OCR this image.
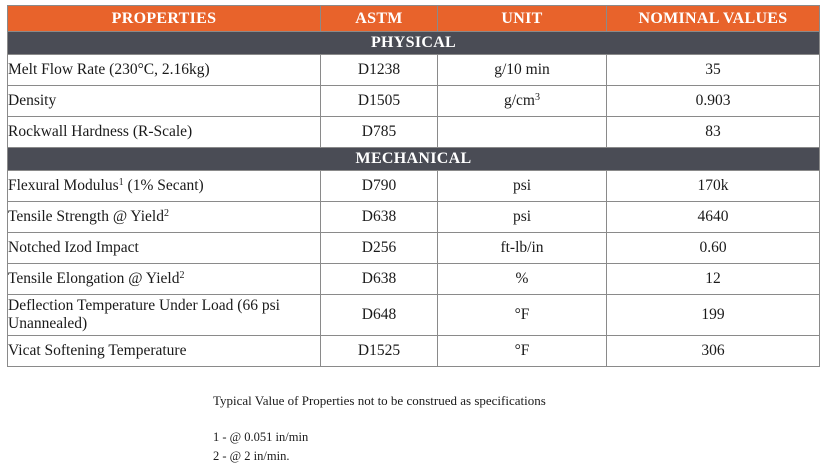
PROPERTIES	ASTM	UNIT	NOMINAL VALUES
PHYSICAL			
Melt Flow Rate (230°C, 2.16kg)	D1238	g/10 min	35
Density	D1505	$g/cm^3$	0.903
Rockwall Hardness (R-Scale)	D785		83
MECHANICAL			
Flexural Modulus$^1$ (1% Secant)	D790	psi	170k
Tensile Strength @ Yield$^2$	D638	psi	4640
Notched Izod Impact	D256	ft-lb/in	0.60
Tensile Elongation @ Yield$^2$	D638	%	12
Deflection Temperature Under Load (66 psi Unannealed)	D648	°F	199
Vicat Softening Temperature	D1525	°F	306
Typical Value of Properties not to be construed as specifications
1 - @ 0.051 in/min
2 - @ 2 in/min.
